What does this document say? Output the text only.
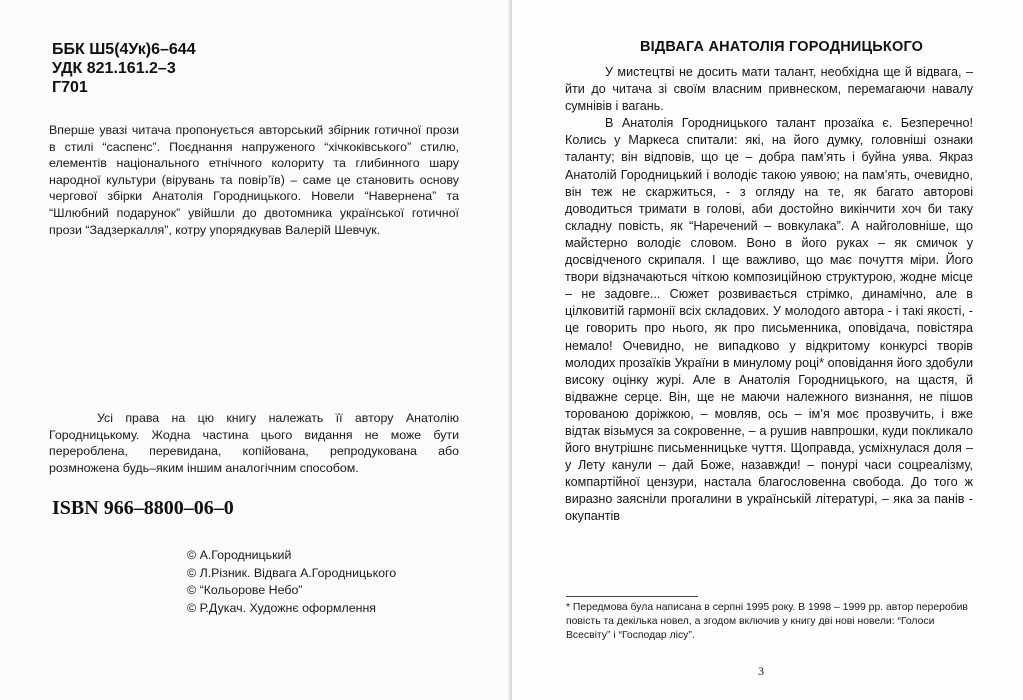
ББК Ш5(4Ук)6–644
УДК 821.161.2–3
Г701
Вперше увазі читача пропонується авторський збірник готичної прози в стилі “саспенс”. Поєднання напруженого “хічкоківського” стилю, елементів національного етнічного колориту та глибинного шару народної культури (вірувань та повір’їв) – саме це становить основу чергової збірки Анатолія Городницького. Новели “Навернена” та “Шлюбний подарунок” увійшли до двотомника української готичної прози “Задзеркалля”, котру упорядкував Валерій Шевчук.
Усі права на цю книгу належать її автору Анатолію Городницькому. Жодна частина цього видання не може бути перероблена, перевидана, копійована, репродукована або розмножена будь–яким іншим аналогічним способом.
ISBN 966–8800–06–0
© А.Городницький
© Л.Різник. Відвага А.Городницького
© “Кольорове Небо”
© Р.Дукач. Художнє оформлення
ВІДВАГА АНАТОЛІЯ ГОРОДНИЦЬКОГО

У мистецтві не досить мати талант, необхідна ще й відвага, – йти до читача зі своїм власним привнеском, перемагаючи навалу сумнівів і вагань.

В Анатолія Городницького талант прозаїка є. Безперечно! Колись у Маркеса спитали: які, на його думку, головніші ознаки таланту; він відповів, що це – добра пам’ять і буйна уява. Якраз Анатолій Городницький і володіє такою уявою; на пам’ять, очевидно, він теж не скаржиться, - з огляду на те, як багато авторові доводиться тримати в голові, аби достойно викінчити хоч би таку складну повість, як “Наречений – вовкулака”. А найголовніше, що майстерно володіє словом. Воно в його руках – як смичок у досвідченого скрипаля. І ще важливо, що має почуття міри. Його твори відзначаються чіткою композиційною структурою, жодне місце – не задовге... Сюжет розвивається стрімко, динамічно, але в цілковитій гармонії всіх складових. У молодого автора - і такі якості, - це говорить про нього, як про письменника, оповідача, повістяра немало! Очевидно, не випадково у відкритому конкурсі творів молодих прозаїків України в минулому році* оповідання його здобули високу оцінку журі. Але в Анатолія Городницького, на щастя, й відважне серце. Він, ще не маючи належного визнання, не пішов торованою доріжкою, – мовляв, ось – ім’я моє прозвучить, і вже відтак візьмуся за сокровенне, – а рушив навпрошки, куди покликало його внутрішнє письменницьке чуття. Щоправда, усміхнулася доля – у Лету канули – дай Боже, назавжди! – понурі часи соцреалізму, компартійної цензури, настала благословенна свобода. До того ж виразно заясніли прогалини в українській літературі, – яка за панів - окупантів

* Передмова була написана в серпні 1995 року. В 1998 – 1999 рр. автор переробив повість та декілька новел, а згодом включив у книгу дві нові новели: “Голоси Всесвіту” і “Господар лісу”.
3
